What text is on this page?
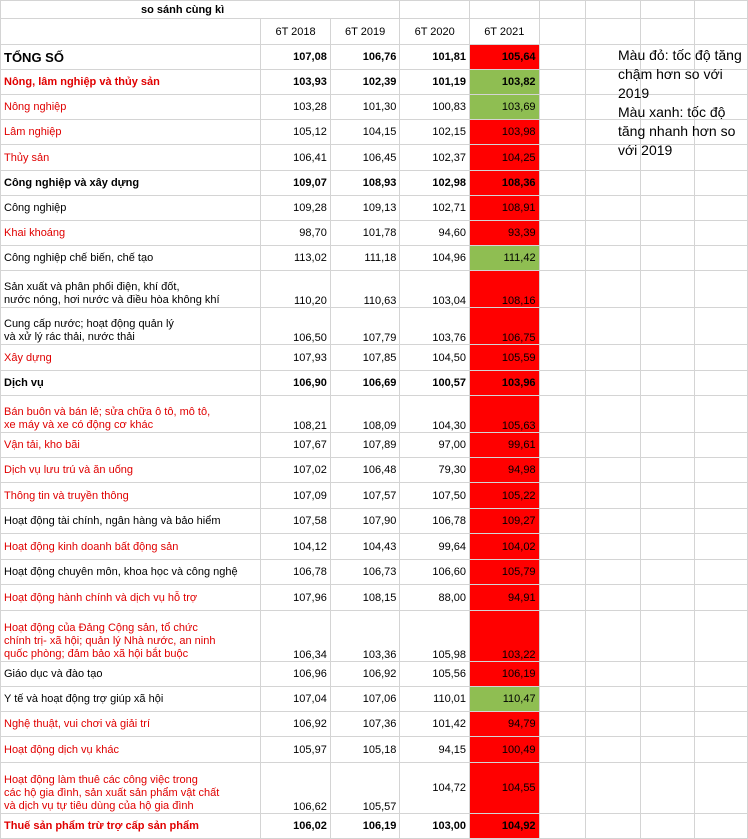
so sánh cùng kì								
	6T 2018	6T 2019	6T 2020	6T 2021				
TỔNG SỐ	107,08	106,76	101,81	105,64				
Nông, lâm nghiệp và thủy sản	103,93	102,39	101,19	103,82				
Nông nghiệp	103,28	101,30	100,83	103,69				
Lâm nghiệp	105,12	104,15	102,15	103,98				
Thủy sản	106,41	106,45	102,37	104,25				
Công nghiệp và xây dựng	109,07	108,93	102,98	108,36				
Công nghiệp	109,28	109,13	102,71	108,91				
Khai khoáng	98,70	101,78	94,60	93,39				
Công nghiệp chế biến, chế tạo	113,02	111,18	104,96	111,42				

Sản xuất và phân phối điện, khí đốt,
nước nóng, hơi nước và điều hòa không khí	110,20	110,63	103,04	108,16				

Cung cấp nước; hoạt động quản lý
và xử lý rác thải, nước thải	106,50	107,79	103,76	106,75				
Xây dựng	107,93	107,85	104,50	105,59				
Dịch vụ	106,90	106,69	100,57	103,96				

Bán buôn và bán lẻ; sửa chữa ô tô, mô tô,
xe máy và xe có động cơ khác	108,21	108,09	104,30	105,63				
Vận tải, kho bãi	107,67	107,89	97,00	99,61				
Dịch vụ lưu trú và ăn uống	107,02	106,48	79,30	94,98				
Thông tin và truyền thông	107,09	107,57	107,50	105,22				
Hoạt động tài chính, ngân hàng và bảo hiểm	107,58	107,90	106,78	109,27				
Hoạt động kinh doanh bất động sản	104,12	104,43	99,64	104,02				
Hoạt động chuyên môn, khoa học và công nghệ	106,78	106,73	106,60	105,79				
Hoạt động hành chính và dịch vụ hỗ trợ	107,96	108,15	88,00	94,91				

Hoạt động của Đảng Cộng sản, tổ chức
chính trị- xã hội; quản lý Nhà nước, an ninh
quốc phòng; đảm bảo xã hội bắt buộc	106,34	103,36	105,98	103,22				
Giáo dục và đào tạo	106,96	106,92	105,56	106,19				
Y tế và hoạt động trợ giúp xã hội	107,04	107,06	110,01	110,47				
Nghệ thuật, vui chơi và giải trí	106,92	107,36	101,42	94,79				
Hoạt động dịch vụ khác	105,97	105,18	94,15	100,49				

Hoạt động làm thuê các công việc trong
các hộ gia đình, sản xuất sản phẩm vật chất
và dịch vụ tự tiêu dùng của hộ gia đình	106,62	105,57	104,72	104,55				
Thuế sản phẩm trừ trợ cấp sản phẩm	106,02	106,19	103,00	104,92				

Màu đỏ: tốc độ tăng chậm hơn so với 2019

Màu xanh: tốc độ tăng nhanh hơn so với 2019
